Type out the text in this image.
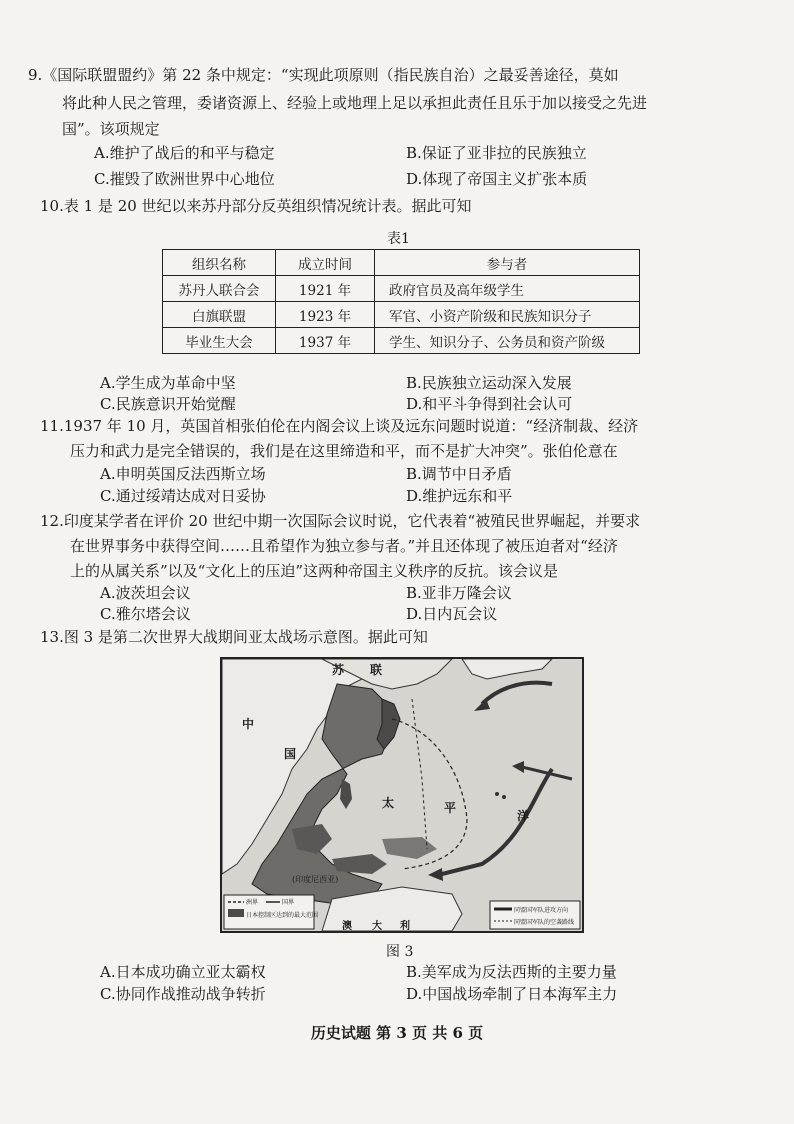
9.《国际联盟盟约》第 22 条中规定：“实现此项原则（指民族自治）之最妥善途径，莫如
将此种人民之管理，委诸资源上、经验上或地理上足以承担此责任且乐于加以接受之先进
国”。该项规定
A.维护了战后的和平与稳定	B.保证了亚非拉的民族独立
C.摧毁了欧洲世界中心地位	D.体现了帝国主义扩张本质
10.表 1 是 20 世纪以来苏丹部分反英组织情况统计表。据此可知
表1
组织名称	成立时间	参与者
苏丹人联合会	1921 年	政府官员及高年级学生
白旗联盟	1923 年	军官、小资产阶级和民族知识分子
毕业生大会	1937 年	学生、知识分子、公务员和资产阶级
A.学生成为革命中坚	B.民族独立运动深入发展
C.民族意识开始觉醒	D.和平斗争得到社会认可
11.1937 年 10 月，英国首相张伯伦在内阁会议上谈及远东问题时说道：“经济制裁、经济
压力和武力是完全错误的，我们是在这里缔造和平，而不是扩大冲突”。张伯伦意在
A.申明英国反法西斯立场	B.调节中日矛盾
C.通过绥靖达成对日妥协	D.维护远东和平
12.印度某学者在评价 20 世纪中期一次国际会议时说，它代表着“被殖民世界崛起，并要求
在世界事务中获得空间……且希望作为独立参与者。”并且还体现了被压迫者对“经济
上的从属关系”以及“文化上的压迫”这两种帝国主义秩序的反抗。该会议是
A.波茨坦会议	B.亚非万隆会议
C.雅尔塔会议	D.日内瓦会议
13.图 3 是第二次世界大战期间亚太战场示意图。据此可知
苏 联
中
国
太	平
洋
(印度尼西亚)
澳 大 利
洲界	国界
日本控制区达到的最大范围
同盟国军队进攻方向
同盟国军队的空袭路线
图 3
A.日本成功确立亚太霸权	B.美军成为反法西斯的主要力量
C.协同作战推动战争转折	D.中国战场牵制了日本海军主力
历史试题 第 3 页 共 6 页
